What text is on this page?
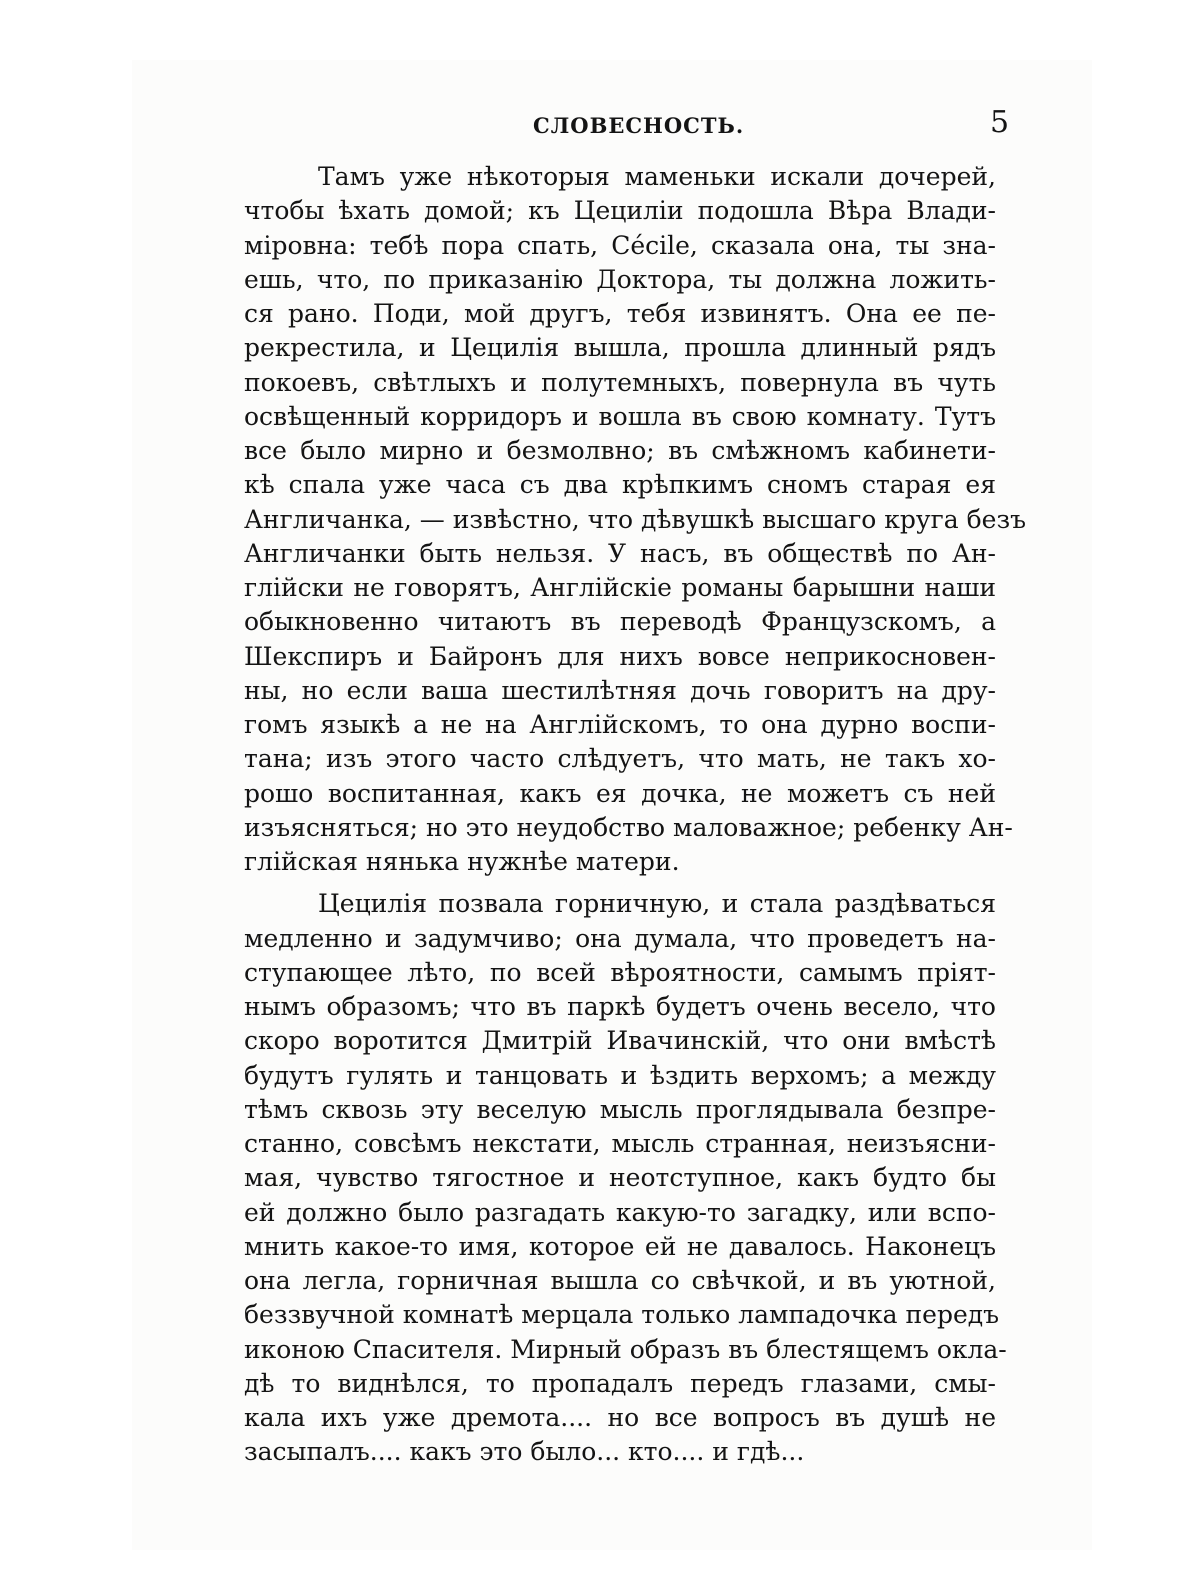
СЛОВЕСНОСТЬ.	5
Тамъ уже нѣкоторыя маменьки искали дочерей,
чтобы ѣхать домой; къ Цециліи подошла Вѣра Влади-
міровна: тебѣ пора спать, Cécile, сказала она, ты зна-
ешь, что, по приказанію Доктора, ты должна ложить-
ся рано. Поди, мой другъ, тебя извинятъ. Она ее пе-
рекрестила, и Цецилія вышла, прошла длинный рядъ
покоевъ, свѣтлыхъ и полутемныхъ, повернула въ чуть
освѣщенный корридоръ и вошла въ свою комнату. Тутъ
все было мирно и безмолвно; въ смѣжномъ кабинети-
кѣ спала уже часа съ два крѣпкимъ сномъ старая ея
Англичанка, — извѣстно, что дѣвушкѣ высшаго круга безъ
Англичанки быть нельзя. У насъ, въ обществѣ по Ан-
глійски не говорятъ, Англійскіе романы барышни наши
обыкновенно читаютъ въ переводѣ Французскомъ, а
Шекспиръ и Байронъ для нихъ вовсе неприкосновен-
ны, но если ваша шестилѣтняя дочь говоритъ на дру-
гомъ языкѣ а не на Англійскомъ, то она дурно воспи-
тана; изъ этого часто слѣдуетъ, что мать, не такъ хо-
рошо воспитанная, какъ ея дочка, не можетъ съ ней
изъясняться; но это неудобство маловажное; ребенку Ан-
глійская нянька нужнѣе матери.
Цецилія позвала горничную, и стала раздѣваться
медленно и задумчиво; она думала, что проведетъ на-
ступающее лѣто, по всей вѣроятности, самымъ пріят-
нымъ образомъ; что въ паркѣ будетъ очень весело, что
скоро воротится Дмитрій Ивачинскій, что они вмѣстѣ
будутъ гулять и танцовать и ѣздить верхомъ; а между
тѣмъ сквозь эту веселую мысль проглядывала безпре-
станно, совсѣмъ некстати, мысль странная, неизъясни-
мая, чувство тягостное и неотступное, какъ будто бы
ей должно было разгадать какую-то загадку, или вспо-
мнить какое-то имя, которое ей не давалось. Наконецъ
она легла, горничная вышла со свѣчкой, и въ уютной,
беззвучной комнатѣ мерцала только лампадочка передъ
иконою Спасителя. Мирный образъ въ блестящемъ окла-
дѣ то виднѣлся, то пропадалъ передъ глазами, смы-
кала ихъ уже дремота.... но все вопросъ въ душѣ не
засыпалъ.... какъ это было... кто.... и гдѣ...
